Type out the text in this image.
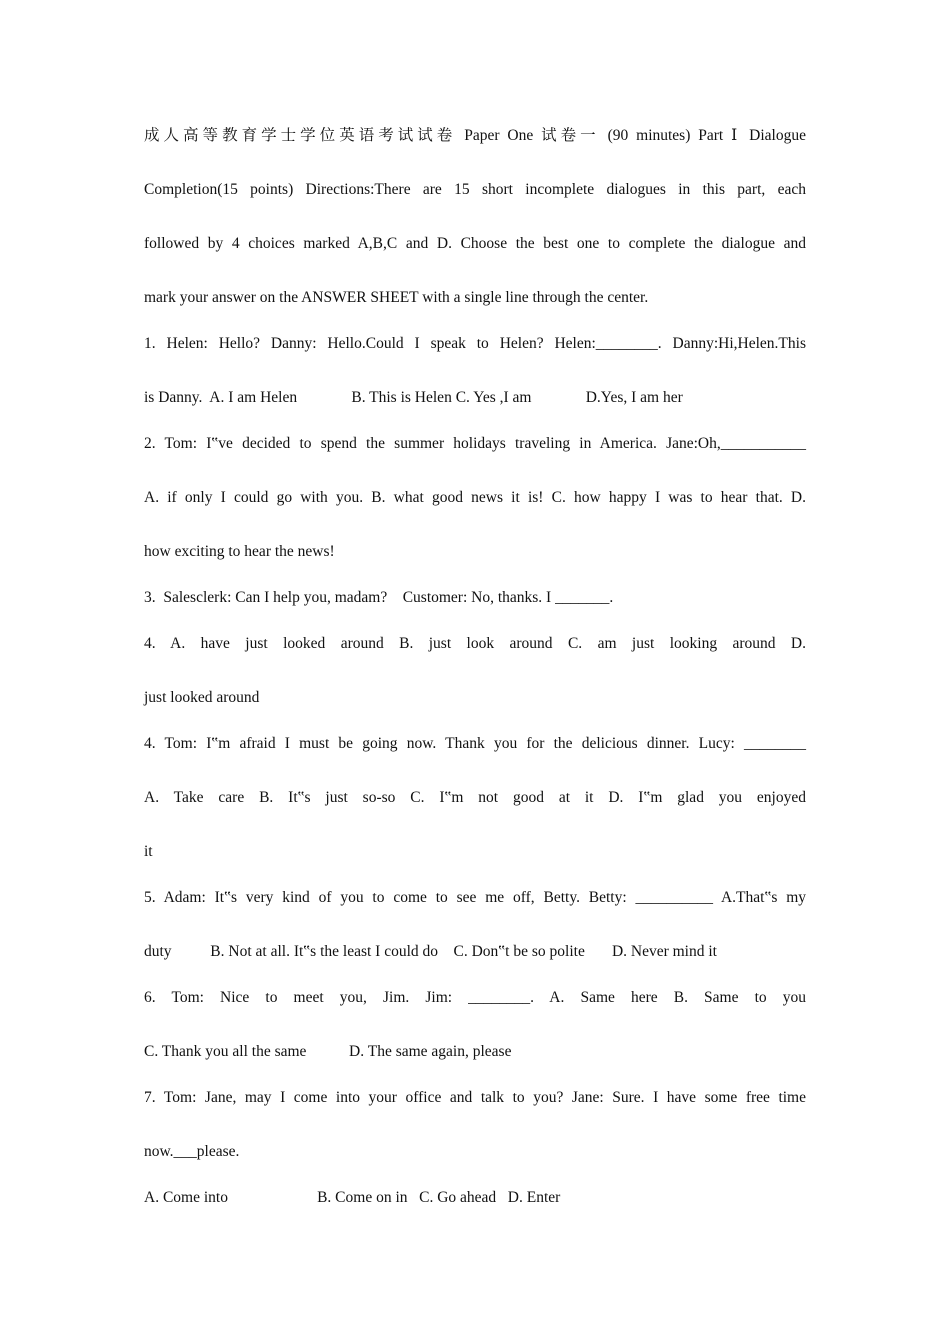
成人高等教育学士学位英语考试试卷 Paper One 试卷一 (90 minutes) Part Ⅰ Dialogue
Completion(15 points) Directions:There are 15 short incomplete dialogues in this part, each
followed by 4 choices marked A,B,C and D. Choose the best one to complete the dialogue and
mark your answer on the ANSWER SHEET with a single line through the center.
1. Helen: Hello? Danny: Hello.Could I speak to Helen? Helen:________. Danny:Hi,Helen.This
is Danny.  A. I am Helen              B. This is Helen C. Yes ,I am              D.Yes, I am her
2. Tom: I‟ve decided to spend the summer holidays traveling in America. Jane:Oh,___________
A. if only I could go with you. B. what good news it is! C. how happy I was to hear that. D.
how exciting to hear the news!
3.  Salesclerk: Can I help you, madam?    Customer: No, thanks. I _______.
4. A. have just looked around B. just look around C. am just looking around D.
just looked around
4. Tom: I‟m afraid I must be going now. Thank you for the delicious dinner. Lucy: ________
A. Take care B. It‟s just so-so C. I‟m not good at it D. I‟m glad you enjoyed
it
5. Adam: It‟s very kind of you to come to see me off, Betty. Betty: __________ A.That‟s my
duty          B. Not at all. It‟s the least I could do    C. Don‟t be so polite       D. Never mind it
6. Tom: Nice to meet you, Jim. Jim: ________. A. Same here B. Same to you
C. Thank you all the same           D. The same again, please
7. Tom: Jane, may I come into your office and talk to you? Jane: Sure. I have some free time
now.___please.
A. Come into                       B. Come on in   C. Go ahead   D. Enter
